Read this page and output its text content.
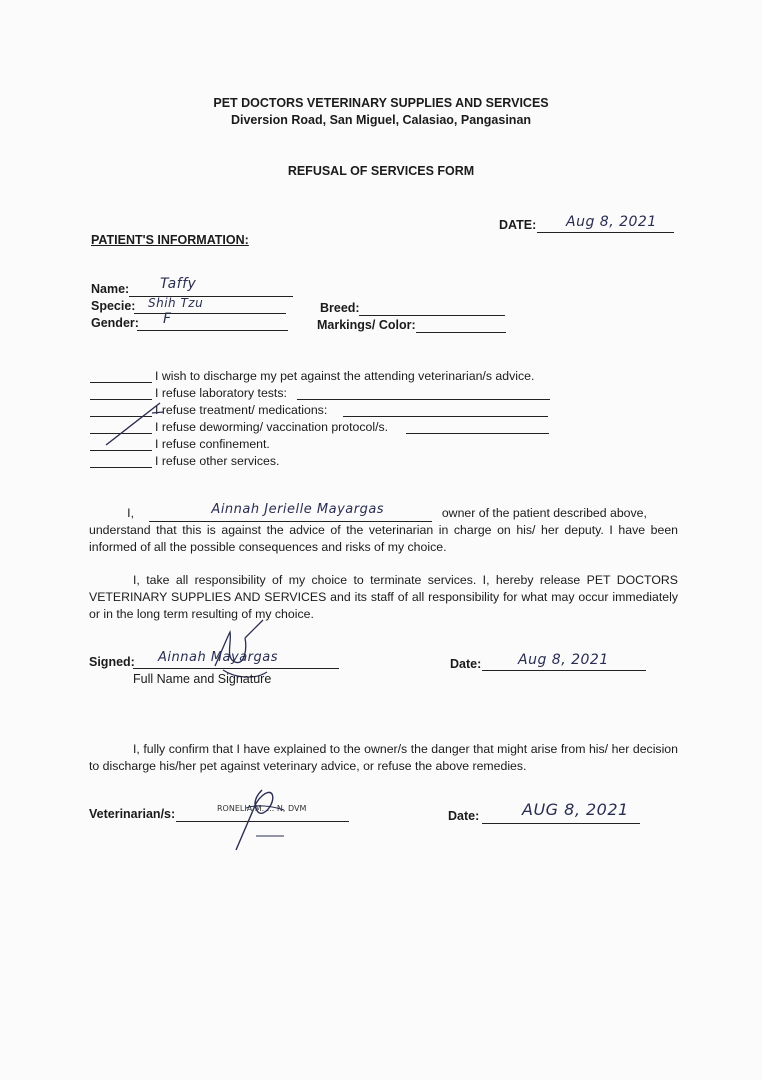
PET DOCTORS VETERINARY SUPPLIES AND SERVICES
Diversion Road, San Miguel, Calasiao, Pangasinan
REFUSAL OF SERVICES FORM
DATE: Aug 8, 2021
PATIENT'S INFORMATION:
Name: Taffy
Specie: Shih Tzu
Gender: F
Breed:
Markings/ Color:
I wish to discharge my pet against the attending veterinarian/s advice.
I refuse laboratory tests:
I refuse treatment/ medications:
I refuse deworming/ vaccination protocol/s.
I refuse confinement.
I refuse other services.

I,	Ainnah Jerielle Mayargas	owner of the patient described above,

understand that this is against the advice of the veterinarian in charge on his/ her deputy. I have been informed of all the possible consequences and risks of my choice.

I, take all responsibility of my choice to terminate services. I, hereby release PET DOCTORS VETERINARY SUPPLIES AND SERVICES and its staff of all responsibility for what may occur immediately or in the long term resulting of my choice.
Signed: Ainnah Mayargas
Full Name and Signature
Date:	Aug 8, 2021
I, fully confirm that I have explained to the owner/s the danger that might arise from his/ her decision to discharge his/her pet against veterinary advice, or refuse the above remedies.
Veterinarian/s:	RONELIA M. ... N, DVM
Date:	AUG 8, 2021
